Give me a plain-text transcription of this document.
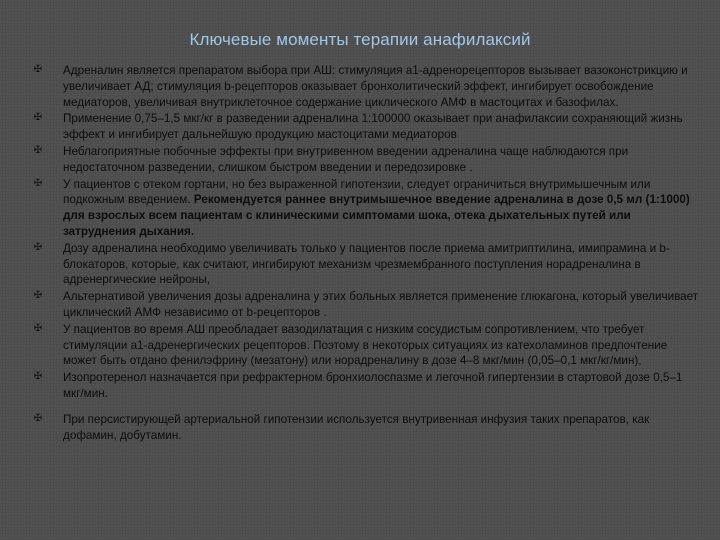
Ключевые моменты терапии анафилаксий
✠ Адреналин является препаратом выбора при АШ: стимуляция a1-адренорецепторов вызывает вазоконстрикцию и увеличивает АД; стимуляция b-рецепторов оказывает бронхолитический эффект, ингибирует освобождение медиаторов, увеличивая внутриклеточное содержание циклического АМФ в мастоцитах и базофилах.
✠ Применение 0,75–1,5 мкг/кг в разведении адреналина 1:100000 оказывает при анафилаксии сохраняющий жизнь эффект и ингибирует дальнейшую продукцию мастоцитами медиаторов
✠ Неблагоприятные побочные эффекты при внутривенном введении адреналина чаще наблюдаются при недостаточном разведении, слишком быстром введении и передозировке .
✠ У пациентов с отеком гортани, но без выраженной гипотензии, следует ограничиться внутримышечным или подкожным введением. Рекомендуется раннее внутримышечное введение адреналина в дозе 0,5 мл (1:1000) для взрослых всем пациентам с клиническими симптомами шока, отека дыхательных путей или затруднения дыхания.
✠ Дозу адреналина необходимо увеличивать только у пациентов после приема амитриптилина, имипрамина и b-блокаторов, которые, как считают, ингибируют механизм чрезмембранного поступления норадреналина в адренергические нейроны,
✠ Альтернативой увеличения дозы адреналина у этих больных является применение глюкагона, который увеличивает циклический АМФ независимо от b-рецепторов .
✠ У пациентов во время АШ преобладает вазодилатация с низким сосудистым сопротивлением, что требует стимуляции а1-адренергических рецепторов. Поэтому в некоторых ситуациях из катехоламинов предпочтение может быть отдано фенилэфрину (мезатону) или норадреналину в дозе 4–8 мкг/мин (0,05–0,1 мкг/кг/мин),
✠ Изопротеренол назначается при рефрактерном бронхиолоспазме и легочной гипертензии в стартовой дозе 0,5–1 мкг/мин.
✠ При персистирующей артериальной гипотензии используется внутривенная инфузия таких препаратов, как дофамин, добутамин.
